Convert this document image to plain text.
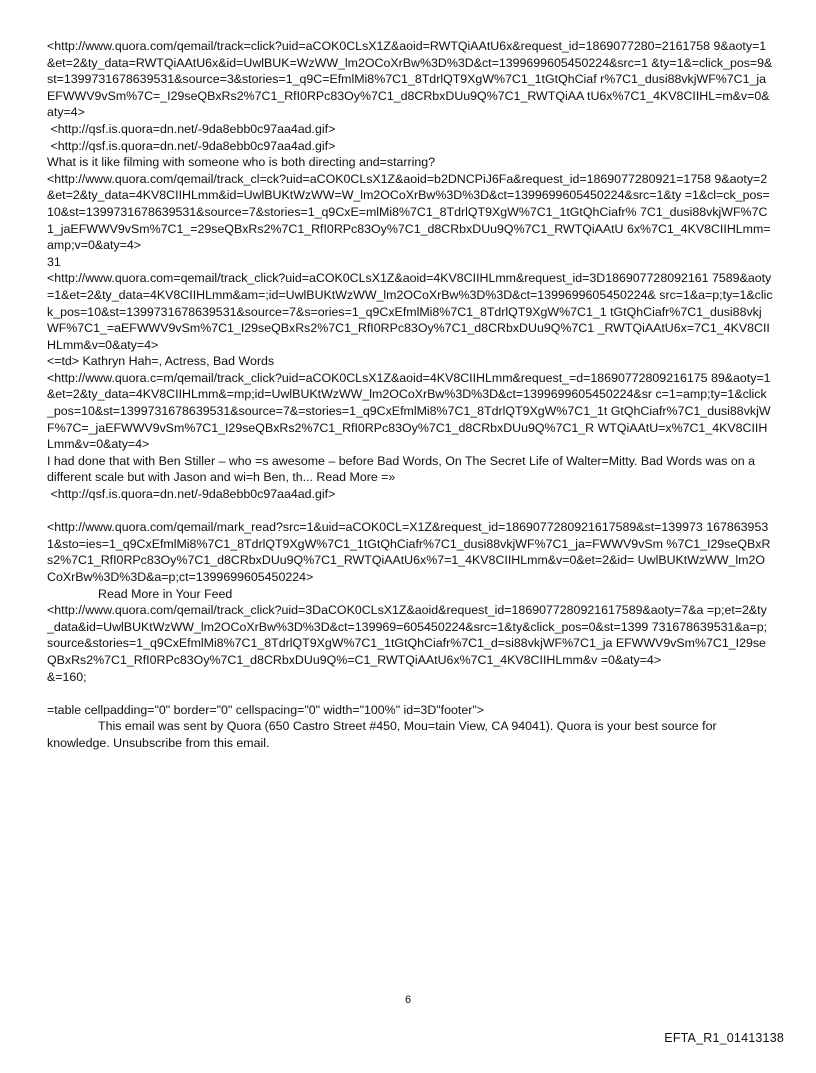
<http://www.quora.com/qemail/track=click?uid=aCOK0CLsX1Z&aoid=RWTQiAAtU6x&request_id=1869077280=2161758 9&aoty=1&et=2&ty_data=RWTQiAAtU6x&id=UwlBUK=WzWW_lm2OCoXrBw%3D%3D&ct=1399699605450224&src=1 &ty=1&=click_pos=9&st=1399731678639531&source=3&stories=1_q9C=EfmlMi8%7C1_8TdrlQT9XgW%7C1_1tGtQhCiaf r%7C1_dusi88vkjWF%7C1_jaEFWWV9vSm%7C=_I29seQBxRs2%7C1_RfI0RPc83Oy%7C1_d8CRbxDUu9Q%7C1_RWTQiAA tU6x%7C1_4KV8CIIHL=m&v=0&aty=4>

<http://qsf.is.quora=dn.net/-9da8ebb0c97aa4ad.gif>

<http://qsf.is.quora=dn.net/-9da8ebb0c97aa4ad.gif>

What is it like filming with someone who is both directing and=starring?

<http://www.quora.com/qemail/track_cl=ck?uid=aCOK0CLsX1Z&aoid=b2DNCPiJ6Fa&request_id=1869077280921=1758 9&aoty=2&et=2&ty_data=4KV8CIIHLmm&id=UwlBUKtWzWW=W_lm2OCoXrBw%3D%3D&ct=1399699605450224&src=1&ty =1&cl=ck_pos=10&st=1399731678639531&source=7&stories=1_q9CxE=mlMi8%7C1_8TdrlQT9XgW%7C1_1tGtQhCiafr% 7C1_dusi88vkjWF%7C1_jaEFWWV9vSm%7C1_=29seQBxRs2%7C1_RfI0RPc83Oy%7C1_d8CRbxDUu9Q%7C1_RWTQiAAtU 6x%7C1_4KV8CIIHLmm=amp;v=0&aty=4>

31

<http://www.quora.com=qemail/track_click?uid=aCOK0CLsX1Z&aoid=4KV8CIIHLmm&request_id=3D186907728092161 7589&aoty=1&et=2&ty_data=4KV8CIIHLmm&am=;id=UwlBUKtWzWW_lm2OCoXrBw%3D%3D&ct=1399699605450224& src=1&a=p;ty=1&click_pos=10&st=1399731678639531&source=7&s=ories=1_q9CxEfmlMi8%7C1_8TdrlQT9XgW%7C1_1 tGtQhCiafr%7C1_dusi88vkjWF%7C1_=aEFWWV9vSm%7C1_I29seQBxRs2%7C1_RfI0RPc83Oy%7C1_d8CRbxDUu9Q%7C1 _RWTQiAAtU6x=7C1_4KV8CIIHLmm&v=0&aty=4>

<=td> Kathryn Hah=, Actress, Bad Words

<http://www.quora.c=m/qemail/track_click?uid=aCOK0CLsX1Z&aoid=4KV8CIIHLmm&request_=d=18690772809216175 89&aoty=1&et=2&ty_data=4KV8CIIHLmm&=mp;id=UwlBUKtWzWW_lm2OCoXrBw%3D%3D&ct=1399699605450224&sr c=1=amp;ty=1&click_pos=10&st=1399731678639531&source=7&=stories=1_q9CxEfmlMi8%7C1_8TdrlQT9XgW%7C1_1t GtQhCiafr%7C1_dusi88vkjWF%7C=_jaEFWWV9vSm%7C1_I29seQBxRs2%7C1_RfI0RPc83Oy%7C1_d8CRbxDUu9Q%7C1_R WTQiAAtU=x%7C1_4KV8CIIHLmm&v=0&aty=4>

I had done that with Ben Stiller – who =s awesome – before Bad Words, On The Secret Life of Walter=Mitty. Bad Words was on a different scale but with Jason and wi=h Ben, th... Read More =»

<http://qsf.is.quora=dn.net/-9da8ebb0c97aa4ad.gif>

<http://www.quora.com/qemail/mark_read?src=1&uid=aCOK0CL=X1Z&request_id=1869077280921617589&st=139973 1678639531&sto=ies=1_q9CxEfmlMi8%7C1_8TdrlQT9XgW%7C1_1tGtQhCiafr%7C1_dusi88vkjWF%7C1_ja=FWWV9vSm %7C1_I29seQBxRs2%7C1_RfI0RPc83Oy%7C1_d8CRbxDUu9Q%7C1_RWTQiAAtU6x%7=1_4KV8CIIHLmm&v=0&et=2&id= UwlBUKtWzWW_lm2OCoXrBw%3D%3D&a=p;ct=1399699605450224>

Read More in Your Feed

<http://www.quora.com/qemail/track_click?uid=3DaCOK0CLsX1Z&aoid&request_id=1869077280921617589&aoty=7&a =p;et=2&ty_data&id=UwlBUKtWzWW_lm2OCoXrBw%3D%3D&ct=139969=605450224&src=1&ty&click_pos=0&st=1399 731678639531&a=p;source&stories=1_q9CxEfmlMi8%7C1_8TdrlQT9XgW%7C1_1tGtQhCiafr%7C1_d=si88vkjWF%7C1_ja EFWWV9vSm%7C1_I29seQBxRs2%7C1_RfI0RPc83Oy%7C1_d8CRbxDUu9Q%=C1_RWTQiAAtU6x%7C1_4KV8CIIHLmm&v =0&aty=4>

&=160;

=table cellpadding="0" border="0" cellspacing="0" width="100%" id=3D"footer">

This email was sent by Quora (650 Castro Street #450, Mou=tain View, CA 94041). Quora is your best source for knowledge. Unsubscribe from this email.

6
EFTA_R1_01413138
